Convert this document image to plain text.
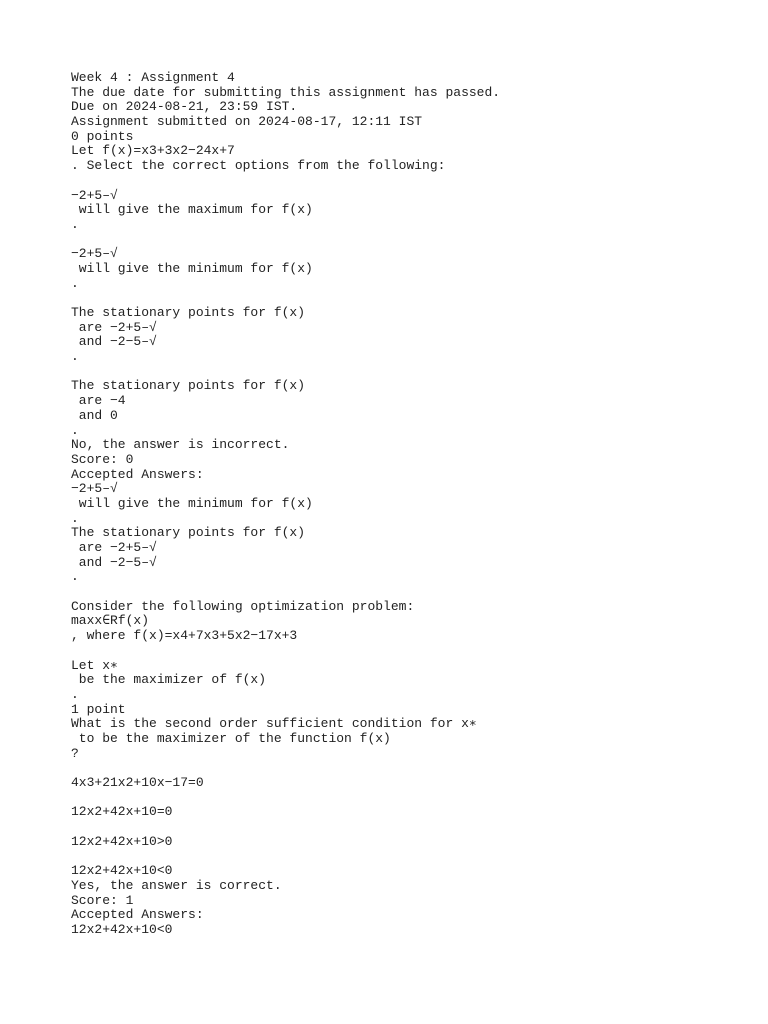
Week 4 : Assignment 4
The due date for submitting this assignment has passed.
Due on 2024-08-21, 23:59 IST.
Assignment submitted on 2024-08-17, 12:11 IST
0 points
Let f(x)=x3+3x2−24x+7
. Select the correct options from the following:
−2+5–√
will give the maximum for f(x)
.
−2+5–√
will give the minimum for f(x)
.
The stationary points for f(x)
are −2+5–√
and −2−5–√
.
The stationary points for f(x)
are −4
and 0
.
No, the answer is incorrect.
Score: 0
Accepted Answers:
−2+5–√
will give the minimum for f(x)
.
The stationary points for f(x)
are −2+5–√
and −2−5–√
.
Consider the following optimization problem:
maxx∈Rf(x)
, where f(x)=x4+7x3+5x2−17x+3
Let x∗
be the maximizer of f(x)
.
1 point
What is the second order sufficient condition for x∗
to be the maximizer of the function f(x)
?
4x3+21x2+10x−17=0
12x2+42x+10=0
12x2+42x+10>0
12x2+42x+10<0
Yes, the answer is correct.
Score: 1
Accepted Answers:
12x2+42x+10<0
